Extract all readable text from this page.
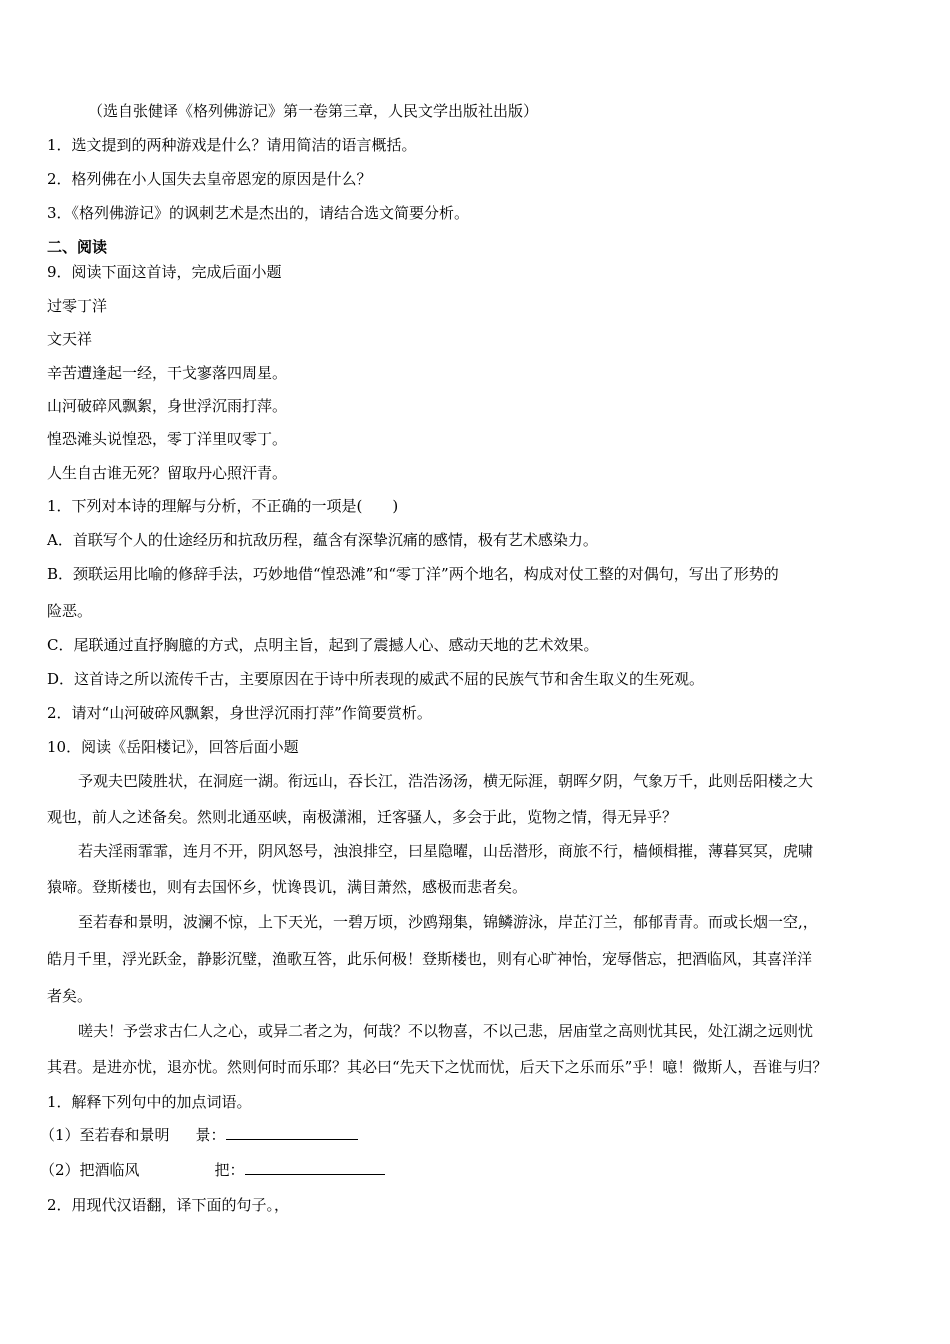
（选自张健译《格列佛游记》第一卷第三章，人民文学出版社出版）
1．选文提到的两种游戏是什么？请用简洁的语言概括。
2．格列佛在小人国失去皇帝恩宠的原因是什么？
3．《格列佛游记》的讽刺艺术是杰出的，请结合选文简要分析。
二、阅读
9．阅读下面这首诗，完成后面小题
过零丁洋
文天祥
辛苦遭逢起一经，干戈寥落四周星。
山河破碎风飘絮，身世浮沉雨打萍。
惶恐滩头说惶恐，零丁洋里叹零丁。
人生自古谁无死？留取丹心照汗青。
1．下列对本诗的理解与分析，不正确的一项是(　　)
A．首联写个人的仕途经历和抗敌历程，蕴含有深挚沉痛的感情，极有艺术感染力。
B．颈联运用比喻的修辞手法，巧妙地借“惶恐滩”和“零丁洋”两个地名，构成对仗工整的对偶句，写出了形势的
险恶。
C．尾联通过直抒胸臆的方式，点明主旨，起到了震撼人心、感动天地的艺术效果。
D．这首诗之所以流传千古，主要原因在于诗中所表现的威武不屈的民族气节和舍生取义的生死观。
2．请对“山河破碎风飘絮，身世浮沉雨打萍”作简要赏析。
10．阅读《岳阳楼记》，回答后面小题
予观夫巴陵胜状，在洞庭一湖。衔远山，吞长江，浩浩汤汤，横无际涯，朝晖夕阴，气象万千，此则岳阳楼之大
观也，前人之述备矣。然则北通巫峡，南极潇湘，迁客骚人，多会于此，览物之情，得无异乎？
若夫淫雨霏霏，连月不开，阴风怒号，浊浪排空，曰星隐曜，山岳潜形，商旅不行，樯倾楫摧，薄暮冥冥，虎啸
猿啼。登斯楼也，则有去国怀乡，忧谗畏讥，满目萧然，感极而悲者矣。
至若春和景明，波澜不惊，上下天光，一碧万顷，沙鸥翔集，锦鳞游泳，岸芷汀兰，郁郁青青。而或长烟一空,，
皓月千里，浮光跃金，静影沉璧，渔歌互答，此乐何极！登斯楼也，则有心旷神怡，宠辱偕忘，把酒临风，其喜洋洋
者矣。
嗟夫！予尝求古仁人之心，或异二者之为，何哉？不以物喜，不以己悲，居庙堂之高则忧其民，处江湖之远则忧
其君。是进亦忧，退亦忧。然则何时而乐耶？其必曰“先天下之忧而忧，后天下之乐而乐”乎！噫！微斯人，吾谁与归？
1．解释下列句中的加点词语。
（1）至若春和景明 景：
（2）把酒临风	把：
2．用现代汉语翻，译下面的句子。，
